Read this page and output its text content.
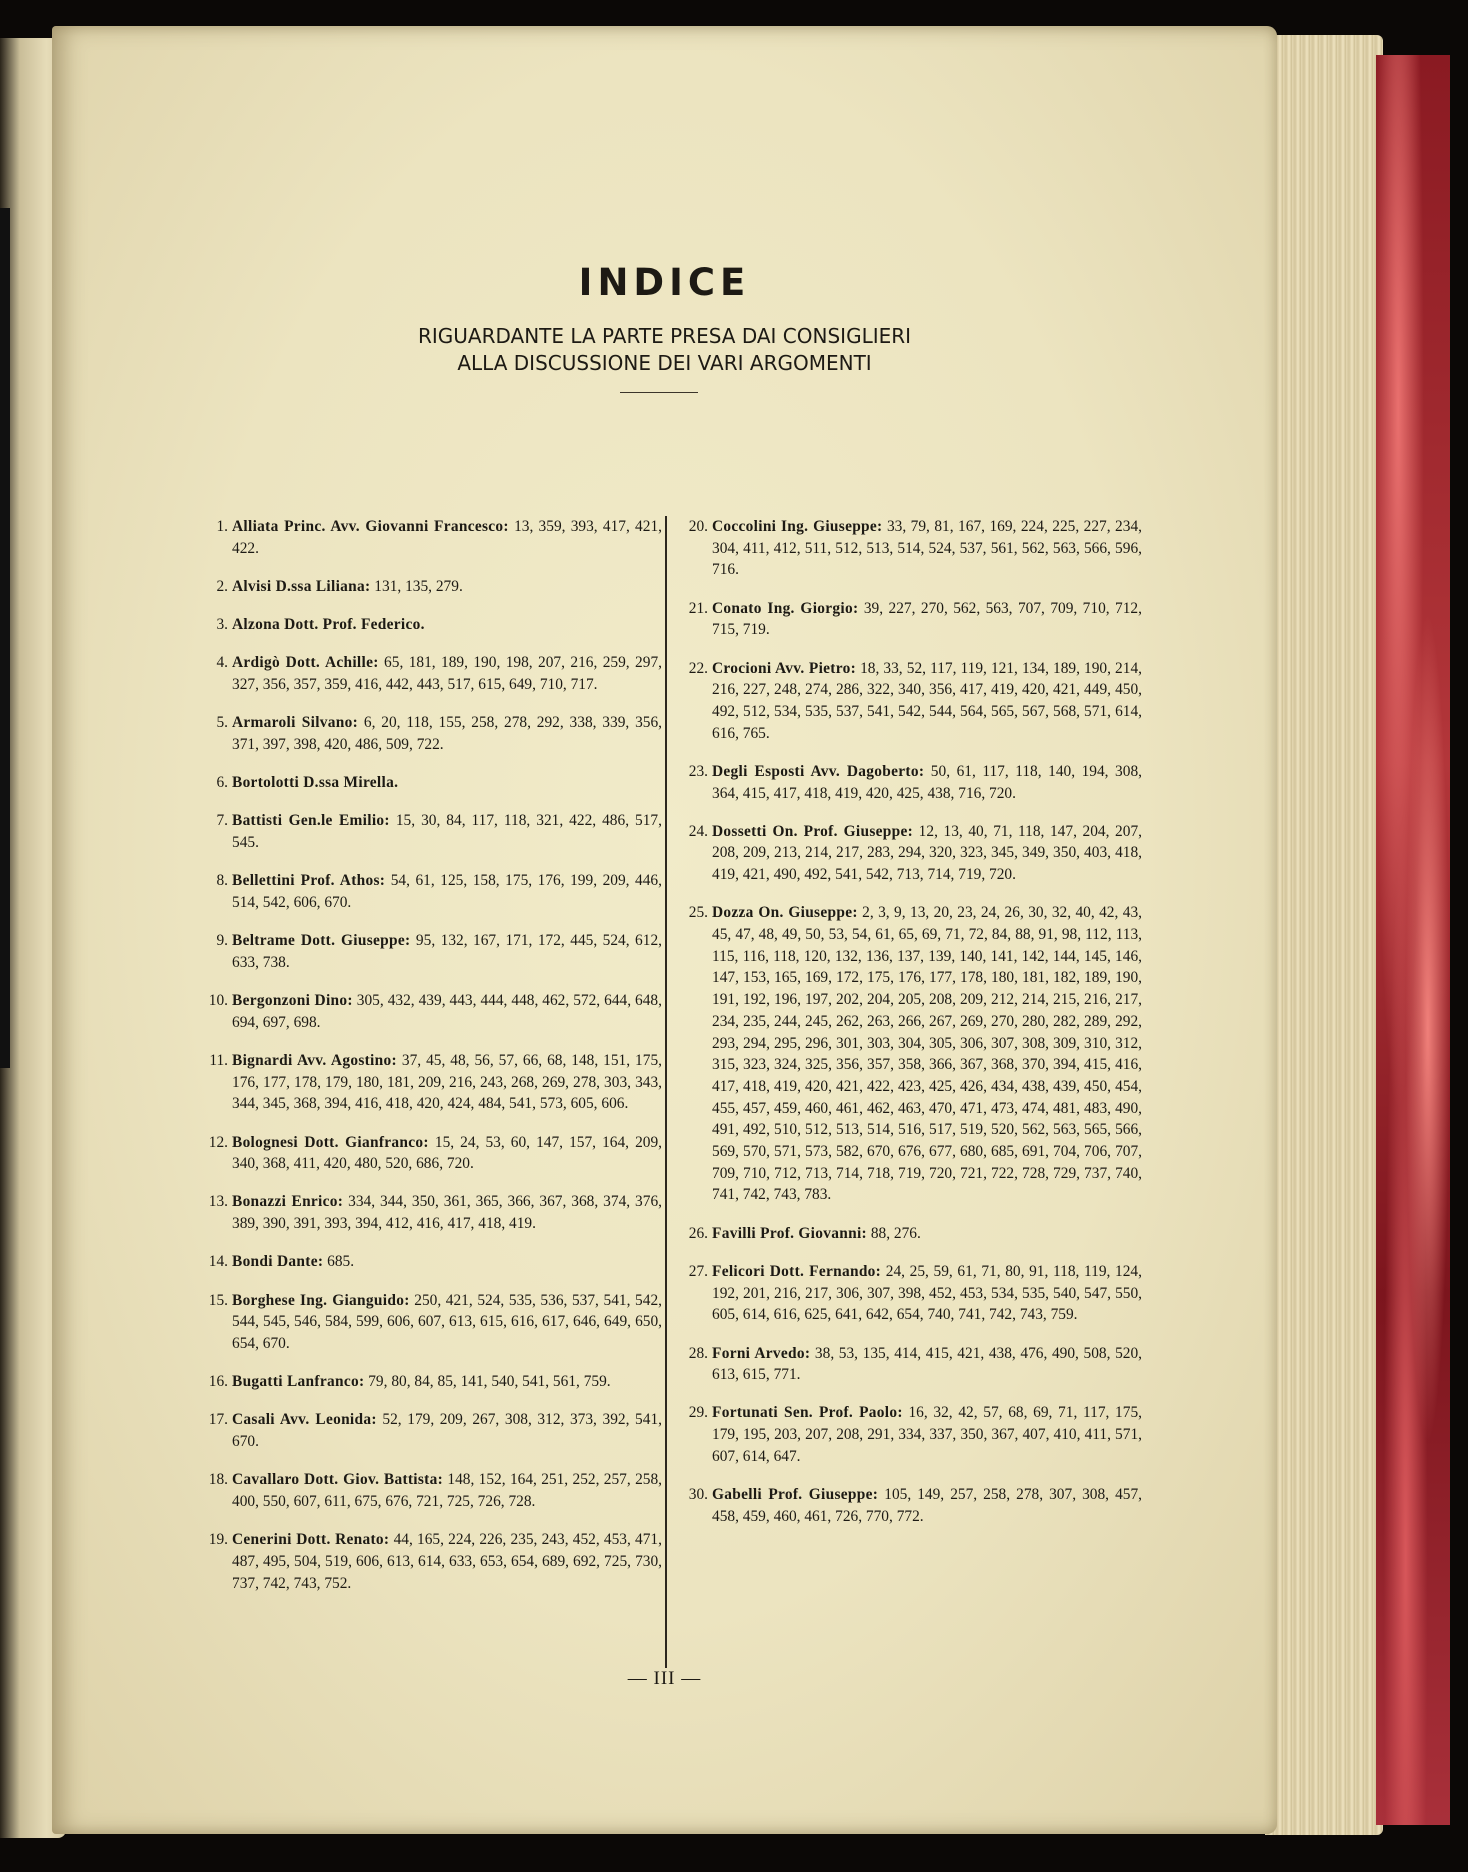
INDICE
RIGUARDANTE LA PARTE PRESA DAI CONSIGLIERI
ALLA DISCUSSIONE DEI VARI ARGOMENTI
1. Alliata Princ. Avv. Giovanni Francesco: 13, 359, 393, 417, 421, 422.
2. Alvisi D.ssa Liliana: 131, 135, 279.
3. Alzona Dott. Prof. Federico.
4. Ardigò Dott. Achille: 65, 181, 189, 190, 198, 207, 216, 259, 297, 327, 356, 357, 359, 416, 442, 443, 517, 615, 649, 710, 717.
5. Armaroli Silvano: 6, 20, 118, 155, 258, 278, 292, 338, 339, 356, 371, 397, 398, 420, 486, 509, 722.
6. Bortolotti D.ssa Mirella.
7. Battisti Gen.le Emilio: 15, 30, 84, 117, 118, 321, 422, 486, 517, 545.
8. Bellettini Prof. Athos: 54, 61, 125, 158, 175, 176, 199, 209, 446, 514, 542, 606, 670.
9. Beltrame Dott. Giuseppe: 95, 132, 167, 171, 172, 445, 524, 612, 633, 738.
10. Bergonzoni Dino: 305, 432, 439, 443, 444, 448, 462, 572, 644, 648, 694, 697, 698.
11. Bignardi Avv. Agostino: 37, 45, 48, 56, 57, 66, 68, 148, 151, 175, 176, 177, 178, 179, 180, 181, 209, 216, 243, 268, 269, 278, 303, 343, 344, 345, 368, 394, 416, 418, 420, 424, 484, 541, 573, 605, 606.
12. Bolognesi Dott. Gianfranco: 15, 24, 53, 60, 147, 157, 164, 209, 340, 368, 411, 420, 480, 520, 686, 720.
13. Bonazzi Enrico: 334, 344, 350, 361, 365, 366, 367, 368, 374, 376, 389, 390, 391, 393, 394, 412, 416, 417, 418, 419.
14. Bondi Dante: 685.
15. Borghese Ing. Gianguido: 250, 421, 524, 535, 536, 537, 541, 542, 544, 545, 546, 584, 599, 606, 607, 613, 615, 616, 617, 646, 649, 650, 654, 670.
16. Bugatti Lanfranco: 79, 80, 84, 85, 141, 540, 541, 561, 759.
17. Casali Avv. Leonida: 52, 179, 209, 267, 308, 312, 373, 392, 541, 670.
18. Cavallaro Dott. Giov. Battista: 148, 152, 164, 251, 252, 257, 258, 400, 550, 607, 611, 675, 676, 721, 725, 726, 728.
19. Cenerini Dott. Renato: 44, 165, 224, 226, 235, 243, 452, 453, 471, 487, 495, 504, 519, 606, 613, 614, 633, 653, 654, 689, 692, 725, 730, 737, 742, 743, 752.
20. Coccolini Ing. Giuseppe: 33, 79, 81, 167, 169, 224, 225, 227, 234, 304, 411, 412, 511, 512, 513, 514, 524, 537, 561, 562, 563, 566, 596, 716.
21. Conato Ing. Giorgio: 39, 227, 270, 562, 563, 707, 709, 710, 712, 715, 719.
22. Crocioni Avv. Pietro: 18, 33, 52, 117, 119, 121, 134, 189, 190, 214, 216, 227, 248, 274, 286, 322, 340, 356, 417, 419, 420, 421, 449, 450, 492, 512, 534, 535, 537, 541, 542, 544, 564, 565, 567, 568, 571, 614, 616, 765.
23. Degli Esposti Avv. Dagoberto: 50, 61, 117, 118, 140, 194, 308, 364, 415, 417, 418, 419, 420, 425, 438, 716, 720.
24. Dossetti On. Prof. Giuseppe: 12, 13, 40, 71, 118, 147, 204, 207, 208, 209, 213, 214, 217, 283, 294, 320, 323, 345, 349, 350, 403, 418, 419, 421, 490, 492, 541, 542, 713, 714, 719, 720.
25. Dozza On. Giuseppe: 2, 3, 9, 13, 20, 23, 24, 26, 30, 32, 40, 42, 43, 45, 47, 48, 49, 50, 53, 54, 61, 65, 69, 71, 72, 84, 88, 91, 98, 112, 113, 115, 116, 118, 120, 132, 136, 137, 139, 140, 141, 142, 144, 145, 146, 147, 153, 165, 169, 172, 175, 176, 177, 178, 180, 181, 182, 189, 190, 191, 192, 196, 197, 202, 204, 205, 208, 209, 212, 214, 215, 216, 217, 234, 235, 244, 245, 262, 263, 266, 267, 269, 270, 280, 282, 289, 292, 293, 294, 295, 296, 301, 303, 304, 305, 306, 307, 308, 309, 310, 312, 315, 323, 324, 325, 356, 357, 358, 366, 367, 368, 370, 394, 415, 416, 417, 418, 419, 420, 421, 422, 423, 425, 426, 434, 438, 439, 450, 454, 455, 457, 459, 460, 461, 462, 463, 470, 471, 473, 474, 481, 483, 490, 491, 492, 510, 512, 513, 514, 516, 517, 519, 520, 562, 563, 565, 566, 569, 570, 571, 573, 582, 670, 676, 677, 680, 685, 691, 704, 706, 707, 709, 710, 712, 713, 714, 718, 719, 720, 721, 722, 728, 729, 737, 740, 741, 742, 743, 783.
26. Favilli Prof. Giovanni: 88, 276.
27. Felicori Dott. Fernando: 24, 25, 59, 61, 71, 80, 91, 118, 119, 124, 192, 201, 216, 217, 306, 307, 398, 452, 453, 534, 535, 540, 547, 550, 605, 614, 616, 625, 641, 642, 654, 740, 741, 742, 743, 759.
28. Forni Arvedo: 38, 53, 135, 414, 415, 421, 438, 476, 490, 508, 520, 613, 615, 771.
29. Fortunati Sen. Prof. Paolo: 16, 32, 42, 57, 68, 69, 71, 117, 175, 179, 195, 203, 207, 208, 291, 334, 337, 350, 367, 407, 410, 411, 571, 607, 614, 647.
30. Gabelli Prof. Giuseppe: 105, 149, 257, 258, 278, 307, 308, 457, 458, 459, 460, 461, 726, 770, 772.
— III —
